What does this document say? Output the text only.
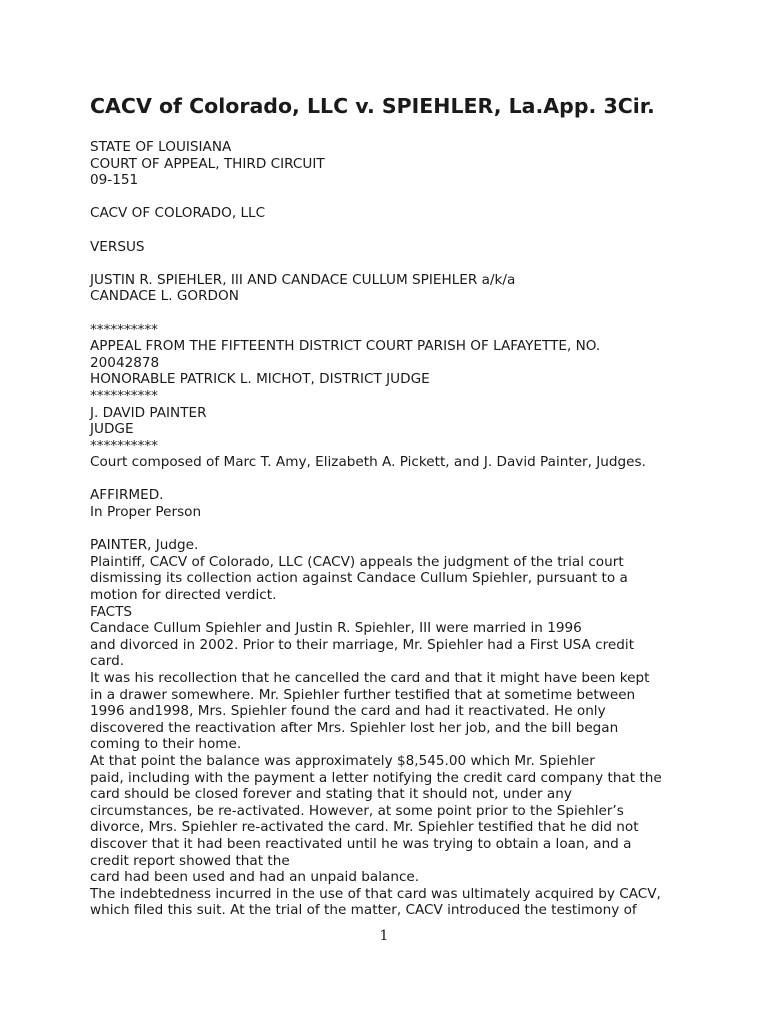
CACV of Colorado, LLC v. SPIEHLER, La.App. 3Cir.
STATE OF LOUISIANA
COURT OF APPEAL, THIRD CIRCUIT
09-151
CACV OF COLORADO, LLC
VERSUS
JUSTIN R. SPIEHLER, III AND CANDACE CULLUM SPIEHLER a/k/a
CANDACE L. GORDON
**********
APPEAL FROM THE FIFTEENTH DISTRICT COURT PARISH OF LAFAYETTE, NO.
20042878
HONORABLE PATRICK L. MICHOT, DISTRICT JUDGE
**********
J. DAVID PAINTER
JUDGE
**********
Court composed of Marc T. Amy, Elizabeth A. Pickett, and J. David Painter, Judges.
AFFIRMED.
In Proper Person
PAINTER, Judge.
Plaintiff, CACV of Colorado, LLC (CACV) appeals the judgment of the trial court
dismissing its collection action against Candace Cullum Spiehler, pursuant to a
motion for directed verdict.
FACTS
Candace Cullum Spiehler and Justin R. Spiehler, III were married in 1996
and divorced in 2002. Prior to their marriage, Mr. Spiehler had a First USA credit
card.
It was his recollection that he cancelled the card and that it might have been kept
in a drawer somewhere. Mr. Spiehler further testified that at sometime between
1996 and1998, Mrs. Spiehler found the card and had it reactivated. He only
discovered the reactivation after Mrs. Spiehler lost her job, and the bill began
coming to their home.
At that point the balance was approximately $8,545.00 which Mr. Spiehler
paid, including with the payment a letter notifying the credit card company that the
card should be closed forever and stating that it should not, under any
circumstances, be re-activated. However, at some point prior to the Spiehler’s
divorce, Mrs. Spiehler re-activated the card. Mr. Spiehler testified that he did not
discover that it had been reactivated until he was trying to obtain a loan, and a
credit report showed that the
card had been used and had an unpaid balance.
The indebtedness incurred in the use of that card was ultimately acquired by CACV,
which filed this suit. At the trial of the matter, CACV introduced the testimony of
1
